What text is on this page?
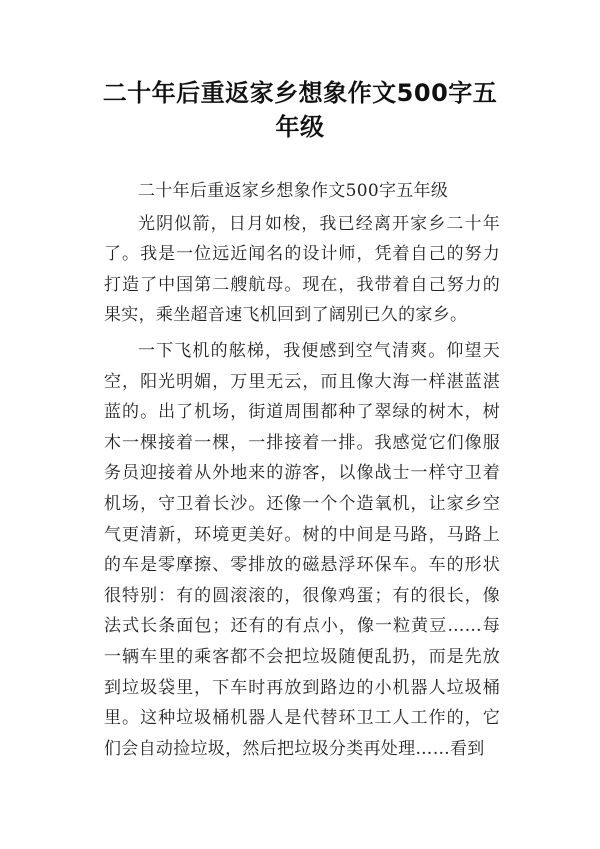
二十年后重返家乡想象作文500字五年级

二十年后重返家乡想象作文500字五年级

光阴似箭，日月如梭，我已经离开家乡二十年了。我是一位远近闻名的设计师，凭着自己的努力打造了中国第二艘航母。现在，我带着自己努力的果实，乘坐超音速飞机回到了阔别已久的家乡。

一下飞机的舷梯，我便感到空气清爽。仰望天空，阳光明媚，万里无云，而且像大海一样湛蓝湛蓝的。出了机场，街道周围都种了翠绿的树木，树木一棵接着一棵，一排接着一排。我感觉它们像服务员迎接着从外地来的游客，以像战士一样守卫着机场，守卫着长沙。还像一个个造氧机，让家乡空气更清新，环境更美好。树的中间是马路，马路上的车是零摩擦、零排放的磁悬浮环保车。车的形状很特别：有的圆滚滚的，很像鸡蛋；有的很长，像法式长条面包；还有的有点小，像一粒黄豆……每一辆车里的乘客都不会把垃圾随便乱扔，而是先放到垃圾袋里，下车时再放到路边的小机器人垃圾桶里。这种垃圾桶机器人是代替环卫工人工作的，它们会自动捡垃圾，然后把垃圾分类再处理……看到
